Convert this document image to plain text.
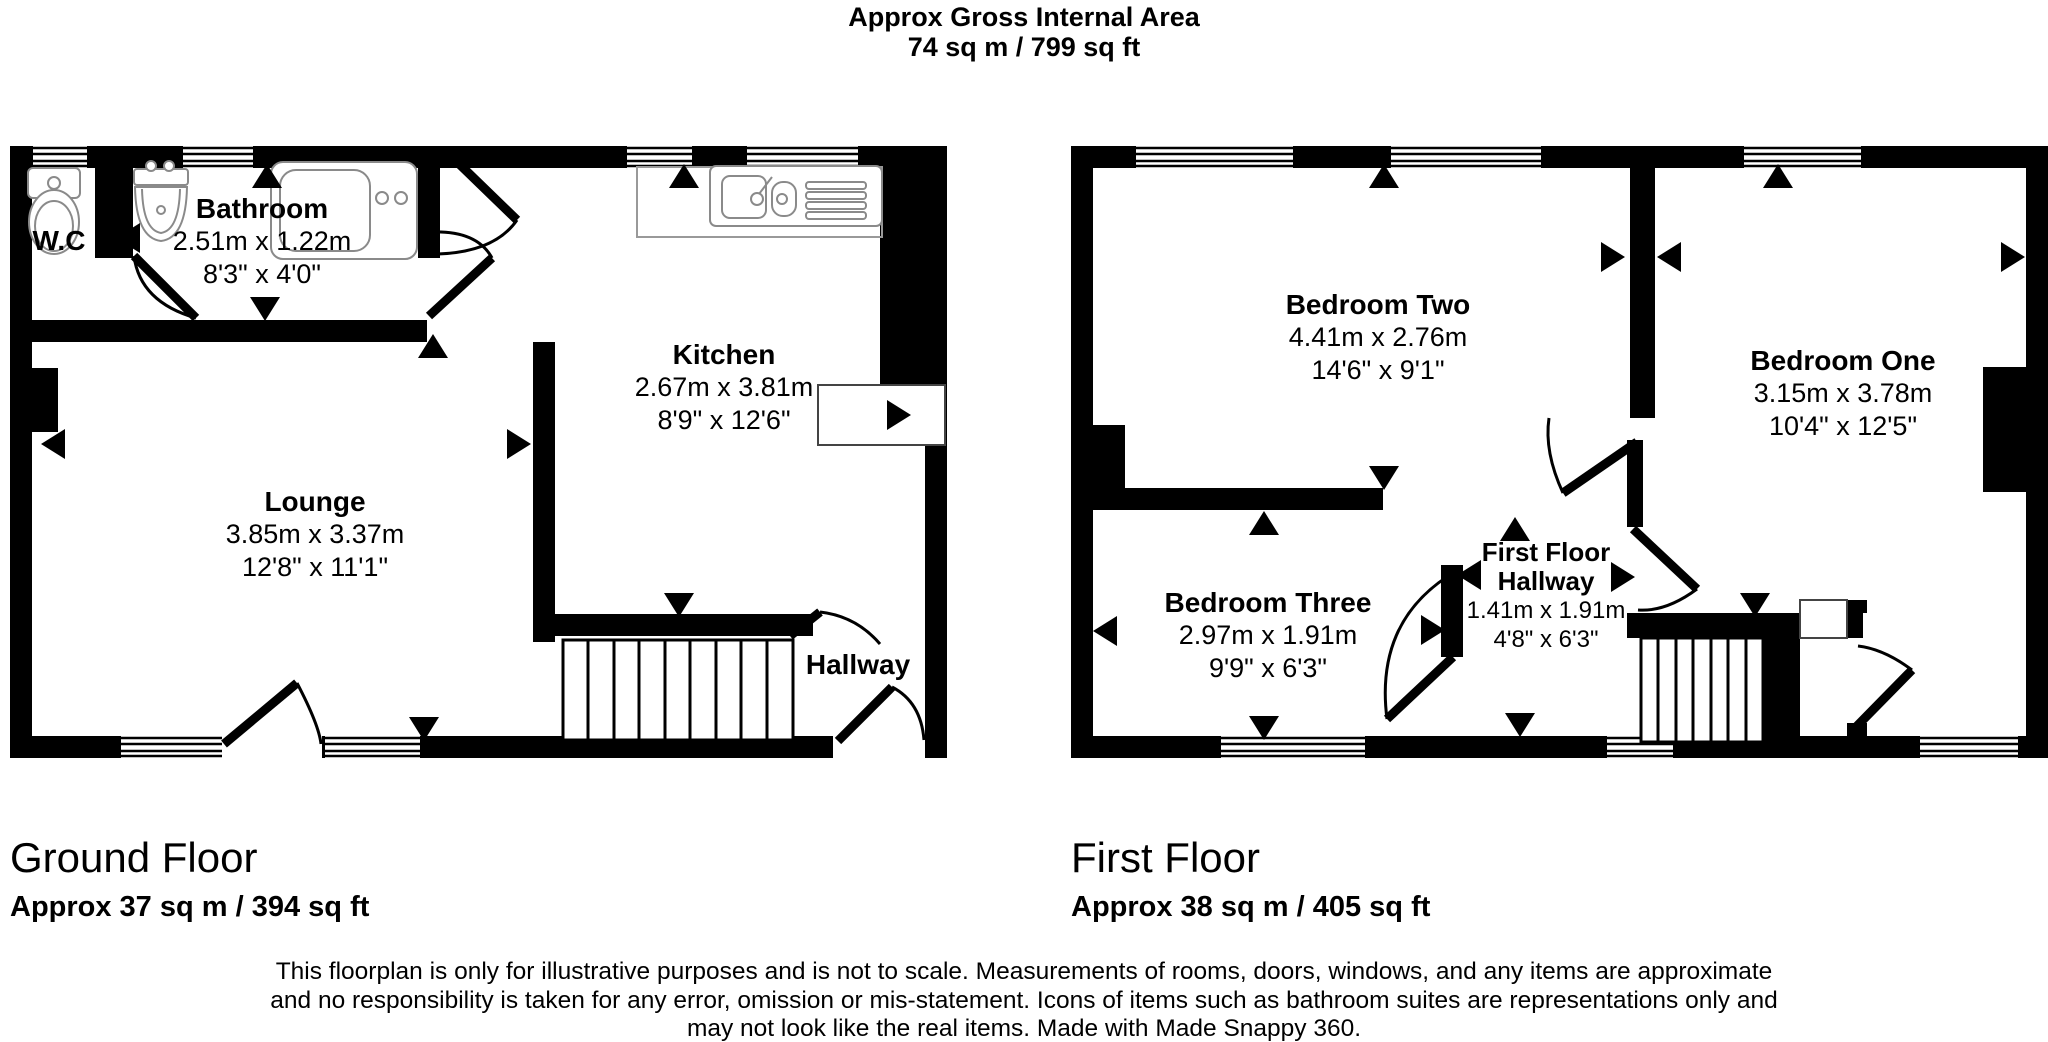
Approx Gross Internal Area
74 sq m / 799 sq ft
W.C
Bathroom
2.51m x 1.22m
8'3" x 4'0"
Kitchen
2.67m x 3.81m
8'9" x 12'6"
Lounge
3.85m x 3.37m
12'8" x 11'1"
Hallway
Bedroom Two
4.41m x 2.76m
14'6" x 9'1"	Bedroom One
3.15m x 3.78m
10'4" x 12'5"
Bedroom Three
2.97m x 1.91m
9'9" x 6'3"
First Floor
Hallway
1.41m x 1.91m
4'8" x 6'3"
Ground Floor
Approx 37 sq m / 394 sq ft
First Floor
Approx 38 sq m / 405 sq ft
This floorplan is only for illustrative purposes and is not to scale. Measurements of rooms, doors, windows, and any items are approximate
and no responsibility is taken for any error, omission or mis-statement. Icons of items such as bathroom suites are representations only and
may not look like the real items. Made with Made Snappy 360.
